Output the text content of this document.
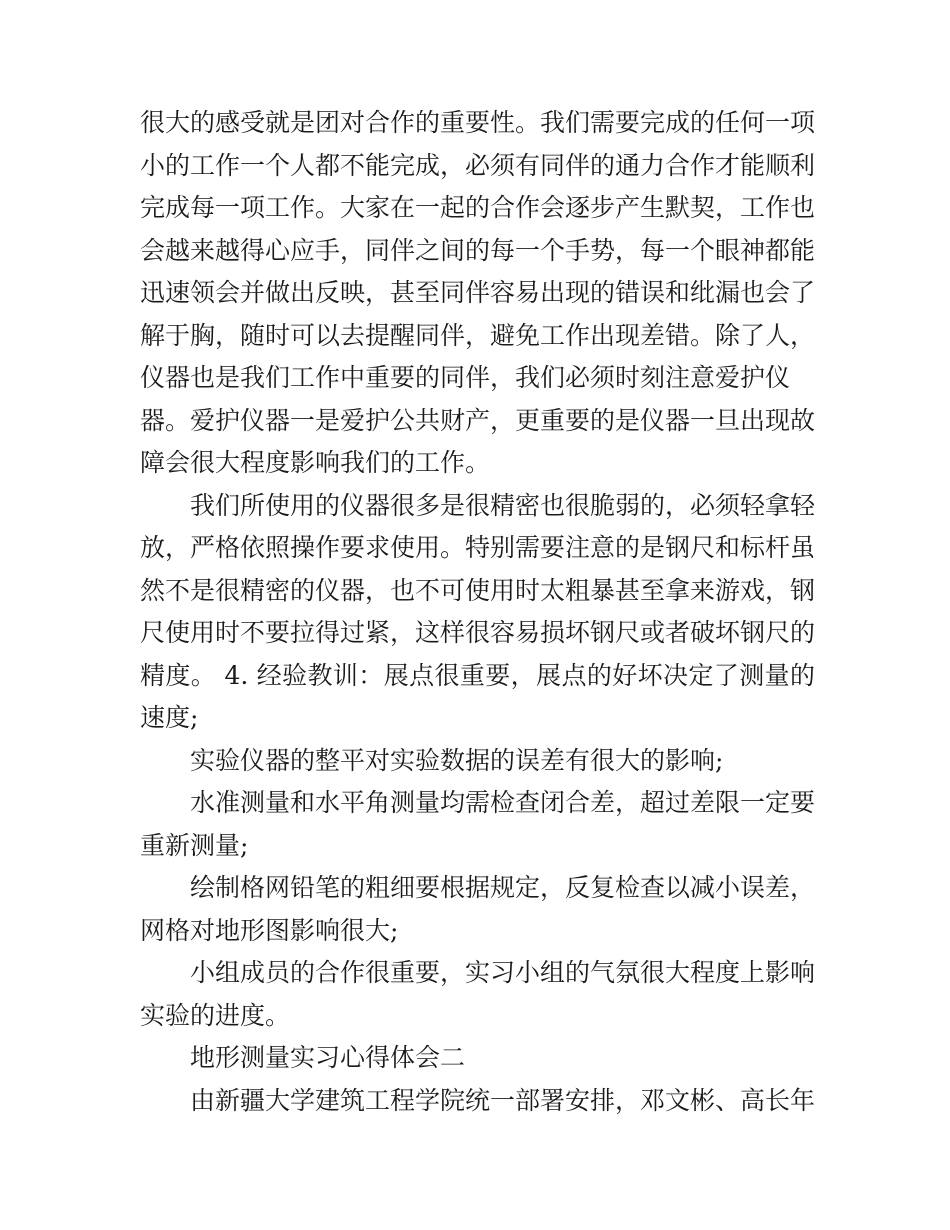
很大的感受就是团对合作的重要性。我们需要完成的任何一项
小的工作一个人都不能完成，必须有同伴的通力合作才能顺利
完成每一项工作。大家在一起的合作会逐步产生默契，工作也
会越来越得心应手，同伴之间的每一个手势，每一个眼神都能
迅速领会并做出反映，甚至同伴容易出现的错误和纰漏也会了
解于胸，随时可以去提醒同伴，避免工作出现差错。除了人，
仪器也是我们工作中重要的同伴，我们必须时刻注意爱护仪
器。爱护仪器一是爱护公共财产，更重要的是仪器一旦出现故
障会很大程度影响我们的工作。
我们所使用的仪器很多是很精密也很脆弱的，必须轻拿轻
放，严格依照操作要求使用。特别需要注意的是钢尺和标杆虽
然不是很精密的仪器，也不可使用时太粗暴甚至拿来游戏，钢
尺使用时不要拉得过紧，这样很容易损坏钢尺或者破坏钢尺的
精度。 4. 经验教训：展点很重要，展点的好坏决定了测量的
速度;
实验仪器的整平对实验数据的误差有很大的影响;
水准测量和水平角测量均需检查闭合差，超过差限一定要
重新测量;
绘制格网铅笔的粗细要根据规定，反复检查以减小误差，
网格对地形图影响很大;
小组成员的合作很重要，实习小组的气氛很大程度上影响
实验的进度。
地形测量实习心得体会二
由新疆大学建筑工程学院统一部署安排，邓文彬、高长年
